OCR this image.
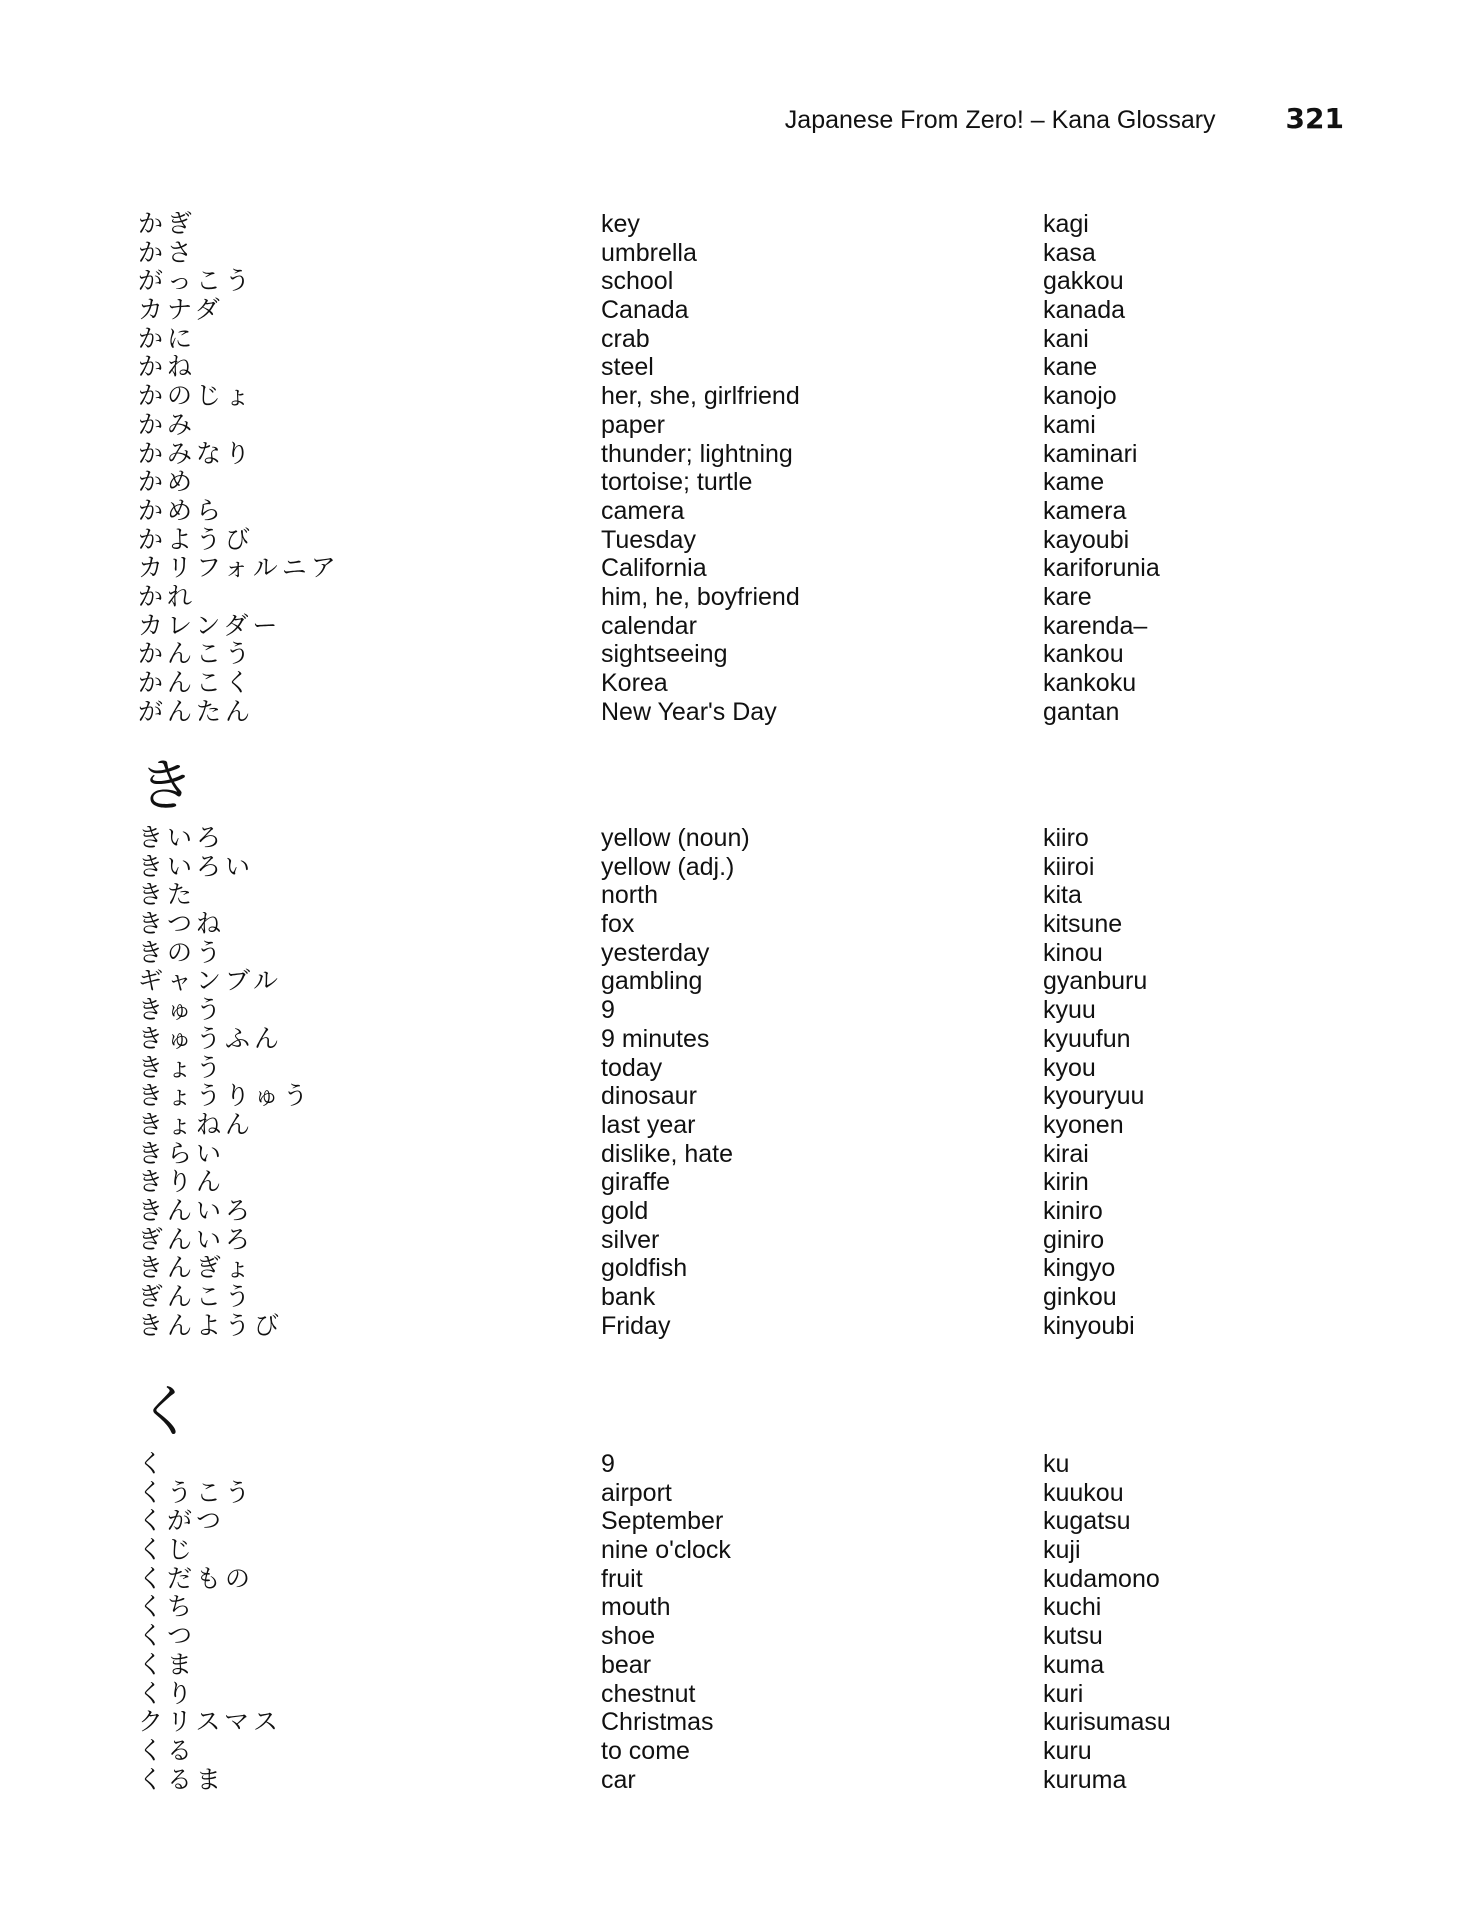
Japanese From Zero! – Kana Glossary	321
かぎ	key	kagi
かさ	umbrella	kasa
がっこう	school	gakkou
カナダ	Canada	kanada
かに	crab	kani
かね	steel	kane
かのじょ	her, she, girlfriend	kanojo
かみ	paper	kami
かみなり	thunder; lightning	kaminari
かめ	tortoise; turtle	kame
かめら	camera	kamera
かようび	Tuesday	kayoubi
カリフォルニア	California	kariforunia
かれ	him, he, boyfriend	kare
カレンダー	calendar	karenda–
かんこう	sightseeing	kankou
かんこく	Korea	kankoku
がんたん	New Year's Day	gantan
き
きいろ	yellow (noun)	kiiro
きいろい	yellow (adj.)	kiiroi
きた	north	kita
きつね	fox	kitsune
きのう	yesterday	kinou
ギャンブル	gambling	gyanburu
きゅう	9	kyuu
きゅうふん	9 minutes	kyuufun
きょう	today	kyou
きょうりゅう	dinosaur	kyouryuu
きょねん	last year	kyonen
きらい	dislike, hate	kirai
きりん	giraffe	kirin
きんいろ	gold	kiniro
ぎんいろ	silver	giniro
きんぎょ	goldfish	kingyo
ぎんこう	bank	ginkou
きんようび	Friday	kinyoubi
く
く	9	ku
くうこう	airport	kuukou
くがつ	September	kugatsu
くじ	nine o'clock	kuji
くだもの	fruit	kudamono
くち	mouth	kuchi
くつ	shoe	kutsu
くま	bear	kuma
くり	chestnut	kuri
クリスマス	Christmas	kurisumasu
くる	to come	kuru
くるま	car	kuruma
